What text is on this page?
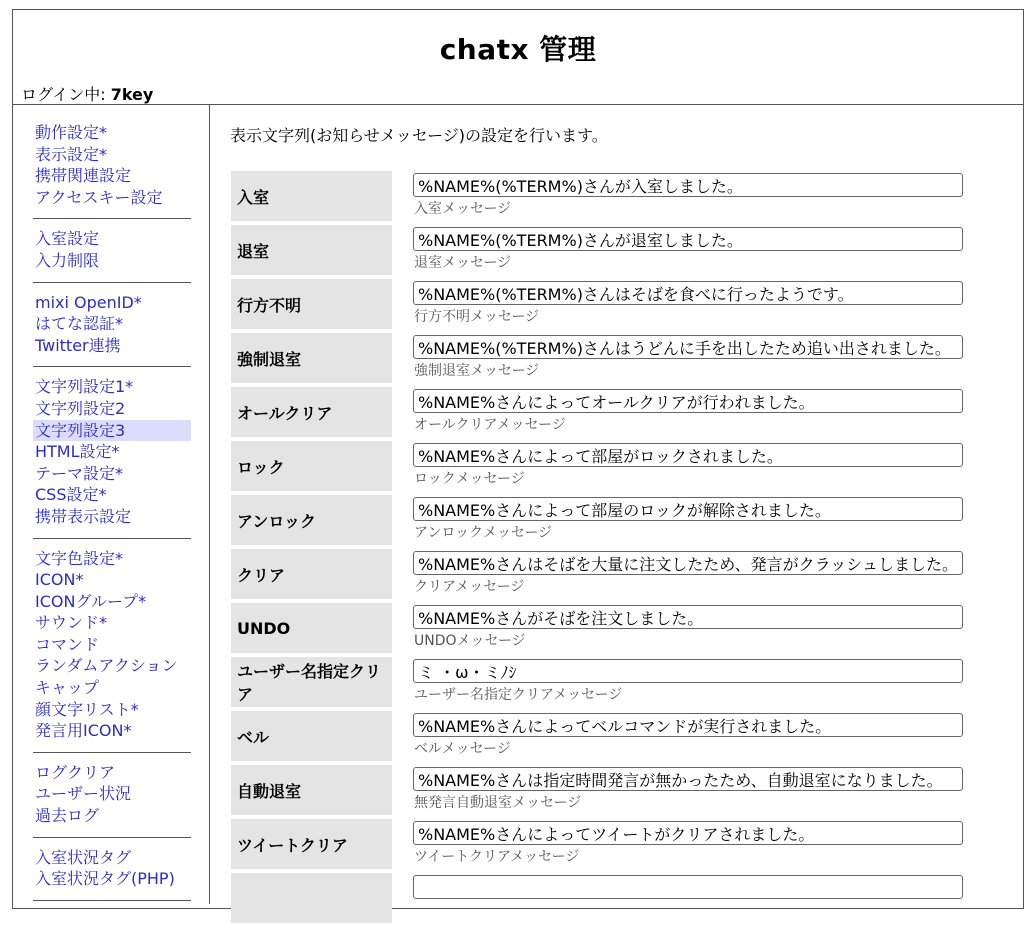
chatx 管理
ログイン中: 7key
動作設定*
表示設定*
携帯関連設定
アクセスキー設定
入室設定
入力制限
mixi OpenID*
はてな認証*
Twitter連携
文字列設定1*
文字列設定2
文字列設定3
HTML設定*
テーマ設定*
CSS設定*
携帯表示設定
文字色設定*
ICON*
ICONグループ*
サウンド*
コマンド
ランダムアクション
キャップ
顔文字リスト*
発言用ICON*
ログクリア
ユーザー状況
過去ログ
入室状況タグ
入室状況タグ(PHP)
表示文字列(お知らせメッセージ)の設定を行います。
入室	
%NAME%(%TERM%)さんが入室しました。
入室メッセージ

退室	
%NAME%(%TERM%)さんが退室しました。
退室メッセージ

行方不明	
%NAME%(%TERM%)さんはそばを食べに行ったようです。
行方不明メッセージ

強制退室	
%NAME%(%TERM%)さんはうどんに手を出したため追い出されました。
強制退室メッセージ

オールクリア	
%NAME%さんによってオールクリアが行われました。
オールクリアメッセージ

ロック	
%NAME%さんによって部屋がロックされました。
ロックメッセージ

アンロック	
%NAME%さんによって部屋のロックが解除されました。
アンロックメッセージ

クリア	
%NAME%さんはそばを大量に注文したため、発言がクラッシュしました。
クリアメッセージ

UNDO	
%NAME%さんがそばを注文しました。
UNDOメッセージ

ユーザー名指定クリア	
ミ ・ω・ミﾉｼ
ユーザー名指定クリアメッセージ

ベル	
%NAME%さんによってベルコマンドが実行されました。
ベルメッセージ

自動退室	
%NAME%さんは指定時間発言が無かったため、自動退室になりました。
無発言自動退室メッセージ

ツイートクリア	
%NAME%さんによってツイートがクリアされました。
ツイートクリアメッセージ
